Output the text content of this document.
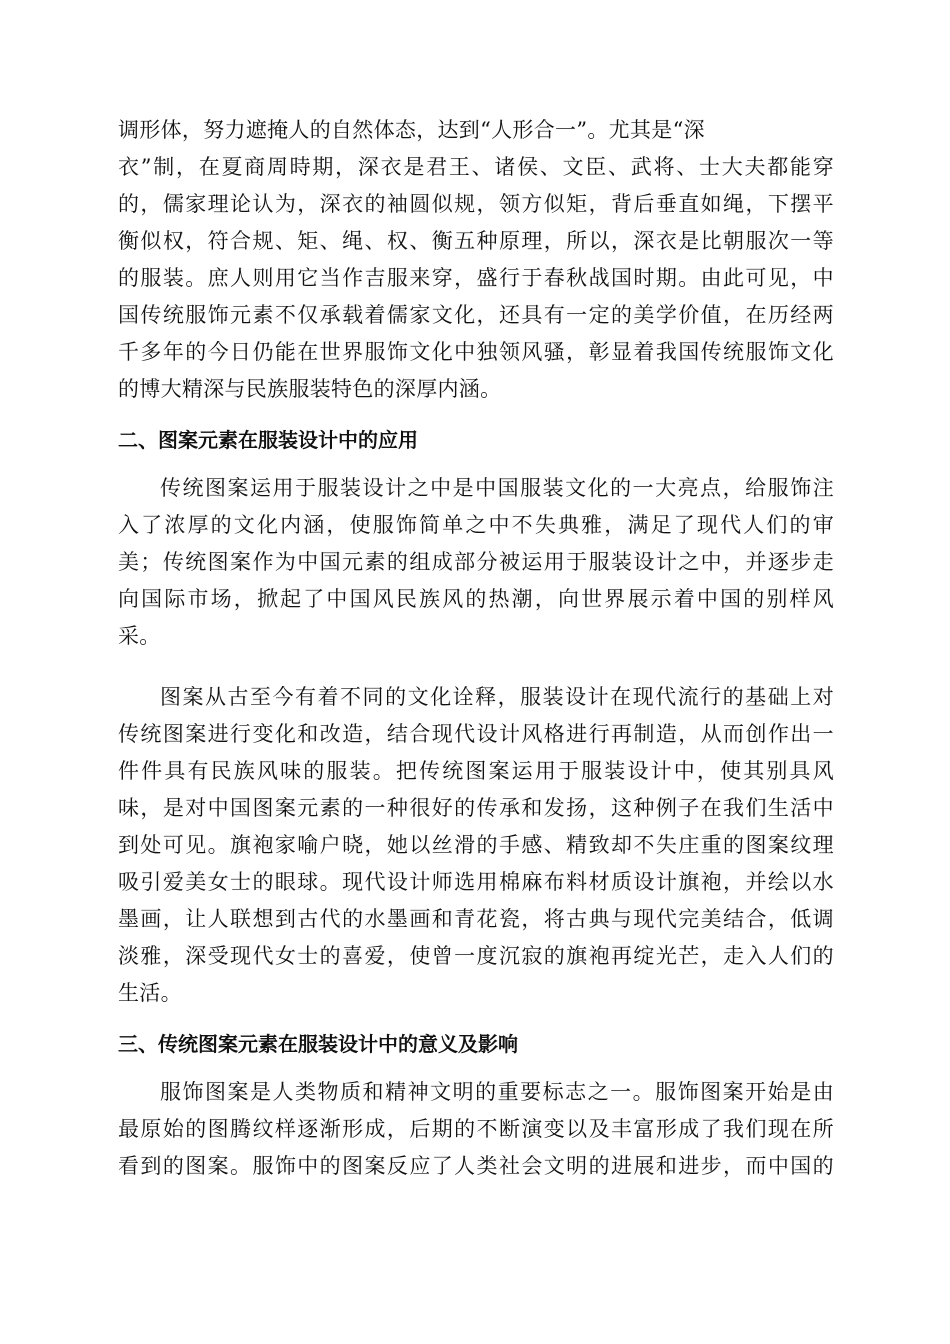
调形体，努力遮掩人的自然体态，达到“人形合一”。尤其是“深
衣”制，在夏商周時期，深衣是君王、诸侯、文臣、武将、士大夫都能穿
的，儒家理论认为，深衣的袖圆似规，领方似矩，背后垂直如绳，下摆平
衡似权，符合规、矩、绳、权、衡五种原理，所以，深衣是比朝服次一等
的服装。庶人则用它当作吉服来穿，盛行于春秋战国时期。由此可见，中
国传统服饰元素不仅承载着儒家文化，还具有一定的美学价值，在历经两
千多年的今日仍能在世界服饰文化中独领风骚，彰显着我国传统服饰文化
的博大精深与民族服装特色的深厚内涵。
二、图案元素在服装设计中的应用
传统图案运用于服装设计之中是中国服装文化的一大亮点，给服饰注
入了浓厚的文化内涵，使服饰简单之中不失典雅，满足了现代人们的审
美；传统图案作为中国元素的组成部分被运用于服装设计之中，并逐步走
向国际市场，掀起了中国风民族风的热潮，向世界展示着中国的别样风
采。
图案从古至今有着不同的文化诠释，服装设计在现代流行的基础上对
传统图案进行变化和改造，结合现代设计风格进行再制造，从而创作出一
件件具有民族风味的服装。把传统图案运用于服装设计中，使其别具风
味，是对中国图案元素的一种很好的传承和发扬，这种例子在我们生活中
到处可见。旗袍家喻户晓，她以丝滑的手感、精致却不失庄重的图案纹理
吸引爱美女士的眼球。现代设计师选用棉麻布料材质设计旗袍，并绘以水
墨画，让人联想到古代的水墨画和青花瓷，将古典与现代完美结合，低调
淡雅，深受现代女士的喜爱，使曾一度沉寂的旗袍再绽光芒，走入人们的
生活。
三、传统图案元素在服装设计中的意义及影响
服饰图案是人类物质和精神文明的重要标志之一。服饰图案开始是由
最原始的图腾纹样逐渐形成，后期的不断演变以及丰富形成了我们现在所
看到的图案。服饰中的图案反应了人类社会文明的进展和进步，而中国的
